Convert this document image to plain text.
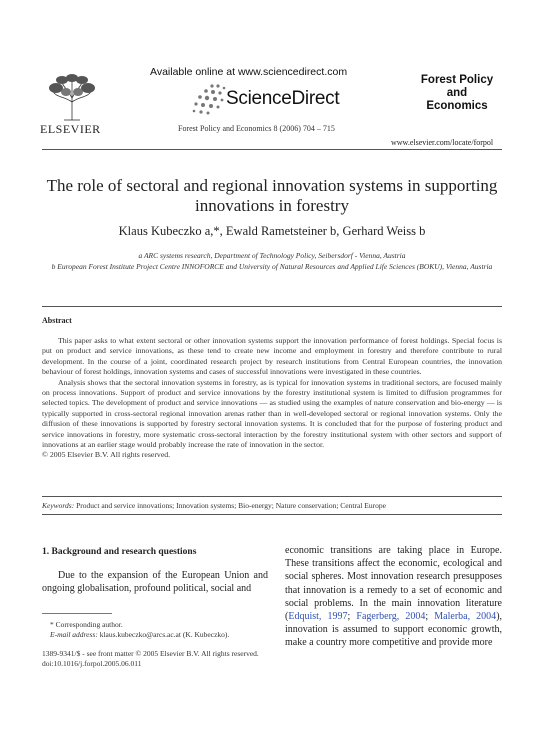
Available online at www.sciencedirect.com
ScienceDirect
Forest Policy and Economics 8 (2006) 704 – 715
ELSEVIER
Forest Policy
and
Economics
www.elsevier.com/locate/forpol
The role of sectoral and regional innovation systems in supporting innovations in forestry
Klaus Kubeczko a,*, Ewald Rametsteiner b, Gerhard Weiss b
a ARC systems research, Department of Technology Policy, Seibersdorf - Vienna, Austria
b European Forest Institute Project Centre INNOFORCE and University of Natural Resources and Applied Life Sciences (BOKU), Vienna, Austria
Abstract

This paper asks to what extent sectoral or other innovation systems support the innovation performance of forest holdings. Special focus is put on product and service innovations, as these tend to create new income and employment in forestry and therefore contribute to rural development. In the course of a joint, coordinated research project by research institutions from Central European countries, the innovation behaviour of forest holdings, innovation systems and cases of successful innovations were investigated in these countries.

Analysis shows that the sectoral innovation systems in forestry, as is typical for innovation systems in traditional sectors, are focused mainly on process innovations. Support of product and service innovations by the forestry institutional system is limited to diffusion programmes for selected topics. The development of product and service innovations — as studied using the examples of nature conservation and bio-energy — is typically supported in cross-sectoral regional innovation arenas rather than in well-developed sectoral or regional innovation systems. Only the diffusion of these innovations is supported by forestry sectoral innovation systems. It is concluded that for the purpose of fostering product and service innovations in forestry, more systematic cross-sectoral interaction by the forestry institutional system with other sectors and support of innovations at an earlier stage would probably increase the rate of innovation in the sector.

© 2005 Elsevier B.V. All rights reserved.
Keywords: Product and service innovations; Innovation systems; Bio-energy; Nature conservation; Central Europe
1. Background and research questions

Due to the expansion of the European Union and ongoing globalisation, profound political, social and

economic transitions are taking place in Europe. These transitions affect the economic, ecological and social spheres. Most innovation research presupposes that innovation is a remedy to a set of economic and social problems. In the main innovation literature (Edquist, 1997; Fagerberg, 2004; Malerba, 2004), innovation is assumed to support economic growth, make a country more competitive and provide more

* Corresponding author.
E-mail address: klaus.kubeczko@arcs.ac.at (K. Kubeczko).
1389-9341/$ - see front matter © 2005 Elsevier B.V. All rights reserved.
doi:10.1016/j.forpol.2005.06.011
